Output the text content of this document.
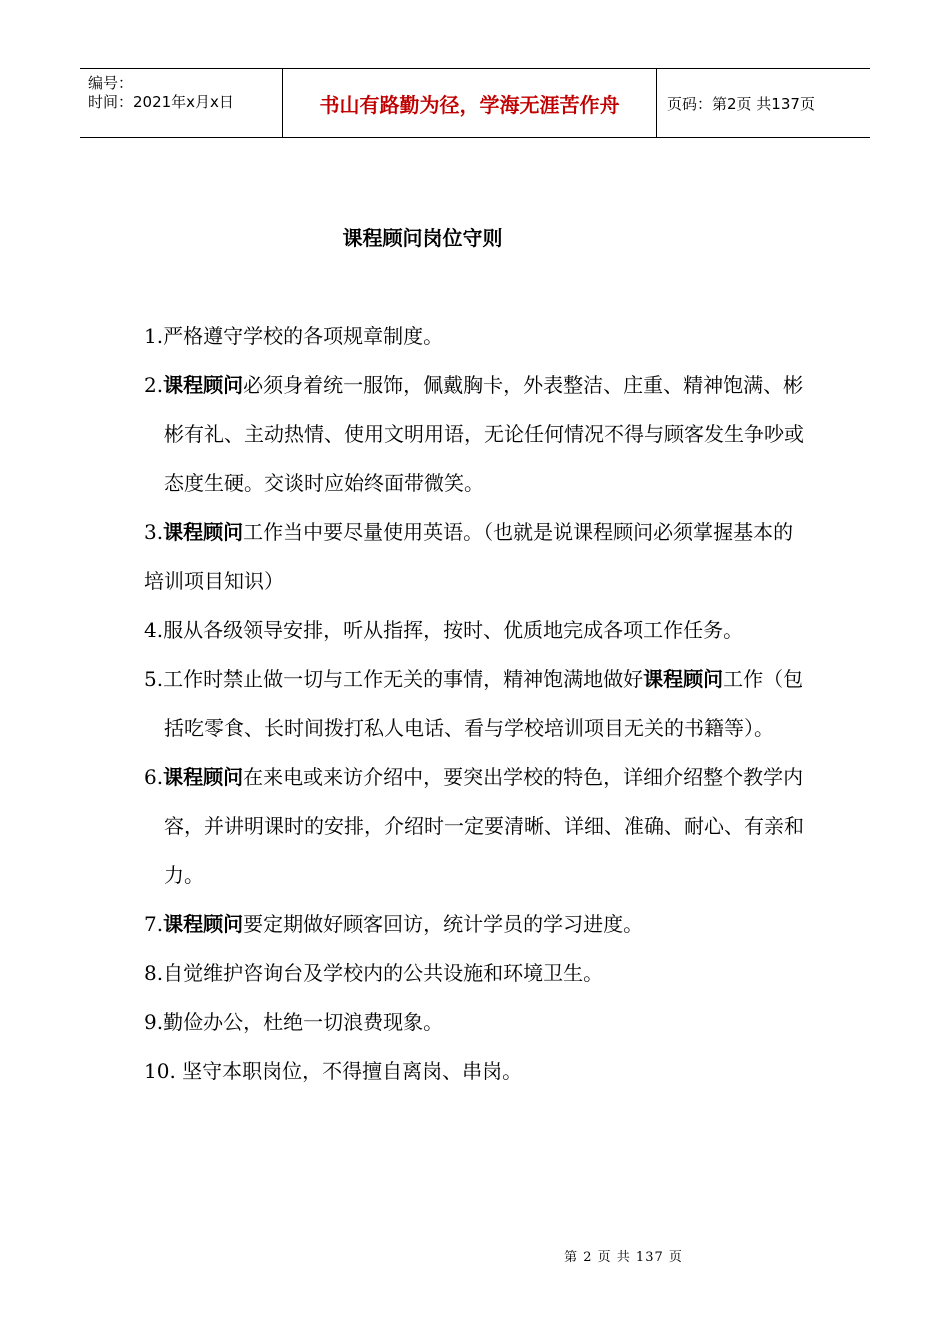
编号：
时间：2021年x月x日	书山有路勤为径，学海无涯苦作舟	页码：第2页 共137页
课程顾问岗位守则

1.严格遵守学校的各项规章制度。

2.课程顾问必须身着统一服饰，佩戴胸卡，外表整洁、庄重、精神饱满、彬彬有礼、主动热情、使用文明用语，无论任何情况不得与顾客发生争吵或态度生硬。交谈时应始终面带微笑。

3.课程顾问工作当中要尽量使用英语。（也就是说课程顾问必须掌握基本的培训项目知识）

4.服从各级领导安排，听从指挥，按时、优质地完成各项工作任务。

5.工作时禁止做一切与工作无关的事情，精神饱满地做好课程顾问工作（包括吃零食、长时间拨打私人电话、看与学校培训项目无关的书籍等）。

6.课程顾问在来电或来访介绍中，要突出学校的特色，详细介绍整个教学内容，并讲明课时的安排，介绍时一定要清晰、详细、准确、耐心、有亲和力。

7.课程顾问要定期做好顾客回访，统计学员的学习进度。

8.自觉维护咨询台及学校内的公共设施和环境卫生。

9.勤俭办公，杜绝一切浪费现象。

10. 坚守本职岗位，不得擅自离岗、串岗。

第 2 页 共 137 页
